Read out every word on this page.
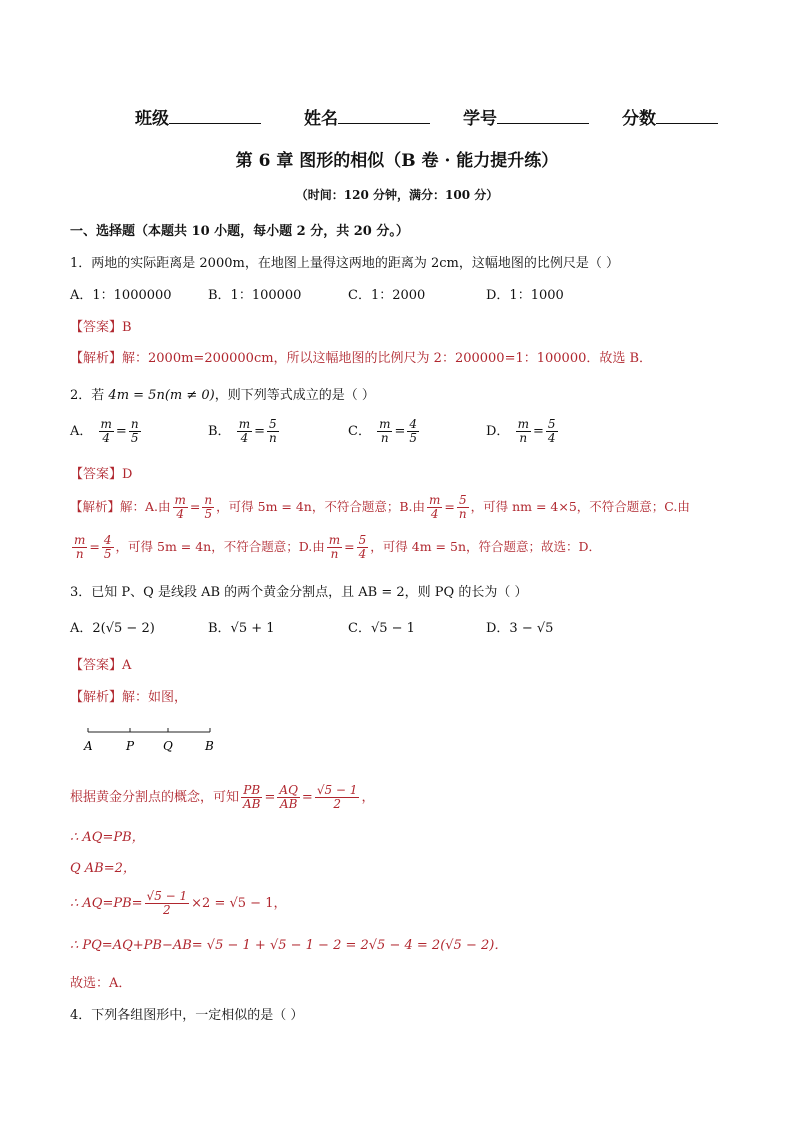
班级	姓名	学号	分数
第 6 章 图形的相似（B 卷 · 能力提升练）
（时间：120 分钟，满分：100 分）
一、选择题（本题共 10 小题，每小题 2 分，共 20 分。）
1．两地的实际距离是 2000m，在地图上量得这两地的距离为 2cm，这幅地图的比例尺是（ ）
A．1：1000000	B．1：100000	C．1：2000	D．1：1000
【答案】B
【解析】解：2000m=200000cm，所以这幅地图的比例尺为 2：200000=1：100000．故选 B．
2．若 4m = 5n(m ≠ 0)，则下列等式成立的是（ ）
A． $\frac{m}{4} = \frac{n}{5}$	B． $\frac{m}{4} = \frac{5}{n}$	C． $\frac{m}{n} = \frac{4}{5}$	D． $\frac{m}{n} = \frac{5}{4}$
【答案】D
【解析】解：A.由 $\frac{m}{4} = \frac{n}{5}$ ，可得 5m = 4n，不符合题意；B.由 $\frac{m}{4} = \frac{5}{n}$ ，可得 nm = 4×5，不符合题意；C.由
$\frac{m}{n} = \frac{4}{5}$ ，可得 5m = 4n，不符合题意；D.由 $\frac{m}{n} = \frac{5}{4}$ ，可得 4m = 5n，符合题意；故选：D．
3．已知 P、Q 是线段 AB 的两个黄金分割点，且 AB = 2，则 PQ 的长为（ ）
A．2(√5 − 2)	B．√5 + 1	C．√5 − 1	D．3 − √5
【答案】A
【解析】解：如图，
A	P Q	B
根据黄金分割点的概念，可知 $\frac{PB}{AB} = \frac{AQ}{AB} = \frac{√5 - 1}{2}$ ，
∴ AQ=PB，
Q AB=2，
∴ $AQ=PB= \frac{√5 - 1}{2} \times 2 = √5 - 1$，
∴ PQ=AQ+PB−AB= √5 − 1 + √5 − 1 − 2 = 2√5 − 4 = 2(√5 − 2)．
故选：A．
4．下列各组图形中，一定相似的是（ ）
